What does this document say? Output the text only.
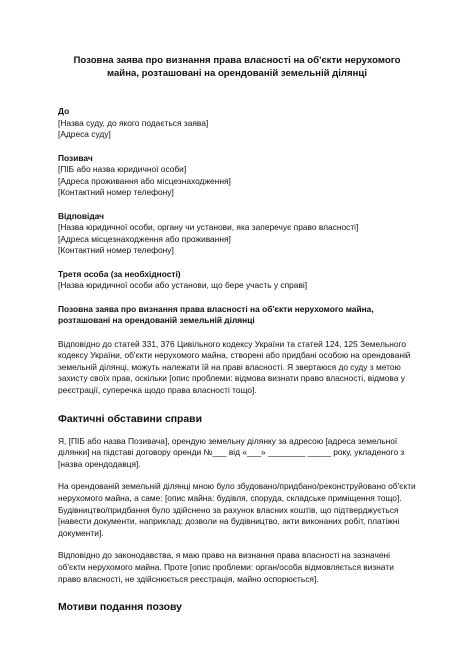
Позовна заява про визнання права власності на об'єкти нерухомого майна, розташовані на орендованій земельній ділянці
До
[Назва суду, до якого подається заява]
[Адреса суду]
Позивач
[ПІБ або назва юридичної особи]
[Адреса проживання або місцезнаходження]
[Контактний номер телефону]
Відповідач
[Назва юридичної особи, органу чи установи, яка заперечує право власності]
[Адреса місцезнаходження або проживання]
[Контактний номер телефону]
Третя особа (за необхідності)
[Назва юридичної особи або установи, що бере участь у справі]
Позовна заява про визнання права власності на об'єкти нерухомого майна, розташовані на орендованій земельній ділянці
Відповідно до статей 331, 376 Цивільного кодексу України та статей 124, 125 Земельного кодексу України, об'єкти нерухомого майна, створені або придбані особою на орендованій земельній ділянці, можуть належати їй на праві власності. Я звертаюся до суду з метою захисту своїх прав, оскільки [опис проблеми: відмова визнати право власності, відмова у реєстрації, суперечка щодо права власності тощо].
Фактичні обставини справи
Я, [ПІБ або назва Позивача], орендую земельну ділянку за адресою [адреса земельної ділянки] на підставі договору оренди №___ від «___» ________ _____ року, укладеного з [назва орендодавця].
На орендованій земельній ділянці мною було збудовано/придбано/реконструйовано об'єкти нерухомого майна, а саме: [опис майна: будівля, споруда, складське приміщення тощо]. Будівництво/придбання було здійснено за рахунок власних коштів, що підтверджується [навести документи, наприклад: дозволи на будівництво, акти виконаних робіт, платіжні документи].
Відповідно до законодавства, я маю право на визнання права власності на зазначені об'єкти нерухомого майна. Проте [опис проблеми: орган/особа відмовляється визнати право власності, не здійснюється реєстрація, майно оспорюється].
Мотиви подання позову
